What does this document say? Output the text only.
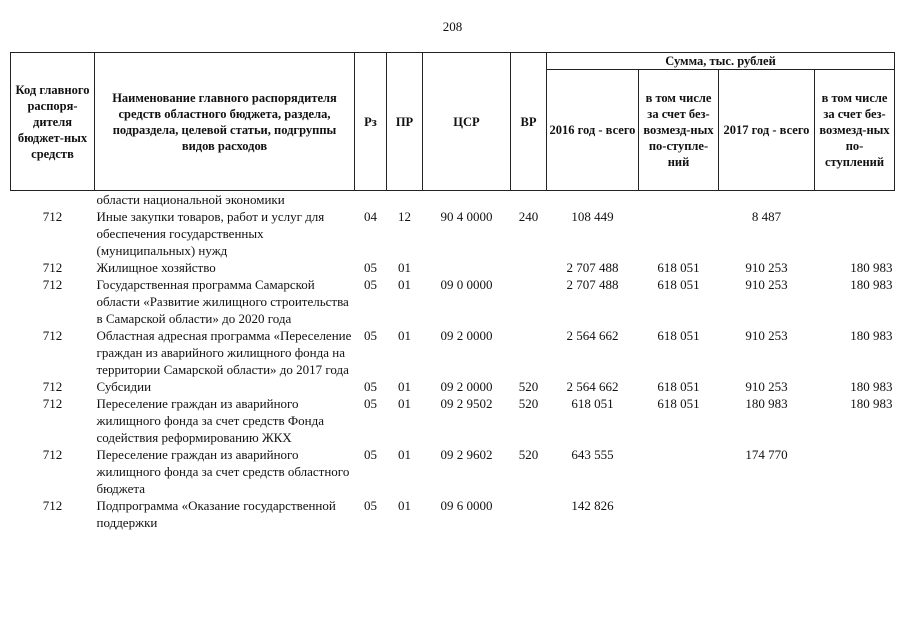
208
Код главного распоря-дителя бюджет-ных средств	Наименование главного распорядителя средств областного бюджета, раздела, подраздела, целевой статьи, подгруппы видов расходов	Рз	ПР	ЦСР	ВР	Сумма, тыс. рублей			
						2016 год - всего	в том числе за счет без-возмезд-ных по-ступле-ний	2017 год - всего	в том числе за счет без-возмезд-ных по-ступлений
	области национальной экономики								
712	Иные закупки товаров, работ и услуг для обеспечения государственных (муниципальных) нужд	04	12	90 4 0000	240	108 449		8 487	
712	Жилищное хозяйство	05	01			2 707 488	618 051	910 253	180 983
712	Государственная программа Самарской области «Развитие жилищного строительства в Самарской области» до 2020 года	05	01	09 0 0000		2 707 488	618 051	910 253	180 983
712	Областная адресная программа «Переселение граждан из аварийного жилищного фонда на территории Самарской области» до 2017 года	05	01	09 2 0000		2 564 662	618 051	910 253	180 983
712	Субсидии	05	01	09 2 0000	520	2 564 662	618 051	910 253	180 983
712	Переселение граждан из аварийного жилищного фонда за счет средств Фонда содействия реформированию ЖКХ	05	01	09 2 9502	520	618 051	618 051	180 983	180 983
712	Переселение граждан из аварийного жилищного фонда за счет средств областного бюджета	05	01	09 2 9602	520	643 555		174 770	
712	Подпрограмма «Оказание государственной поддержки	05	01	09 6 0000		142 826			
